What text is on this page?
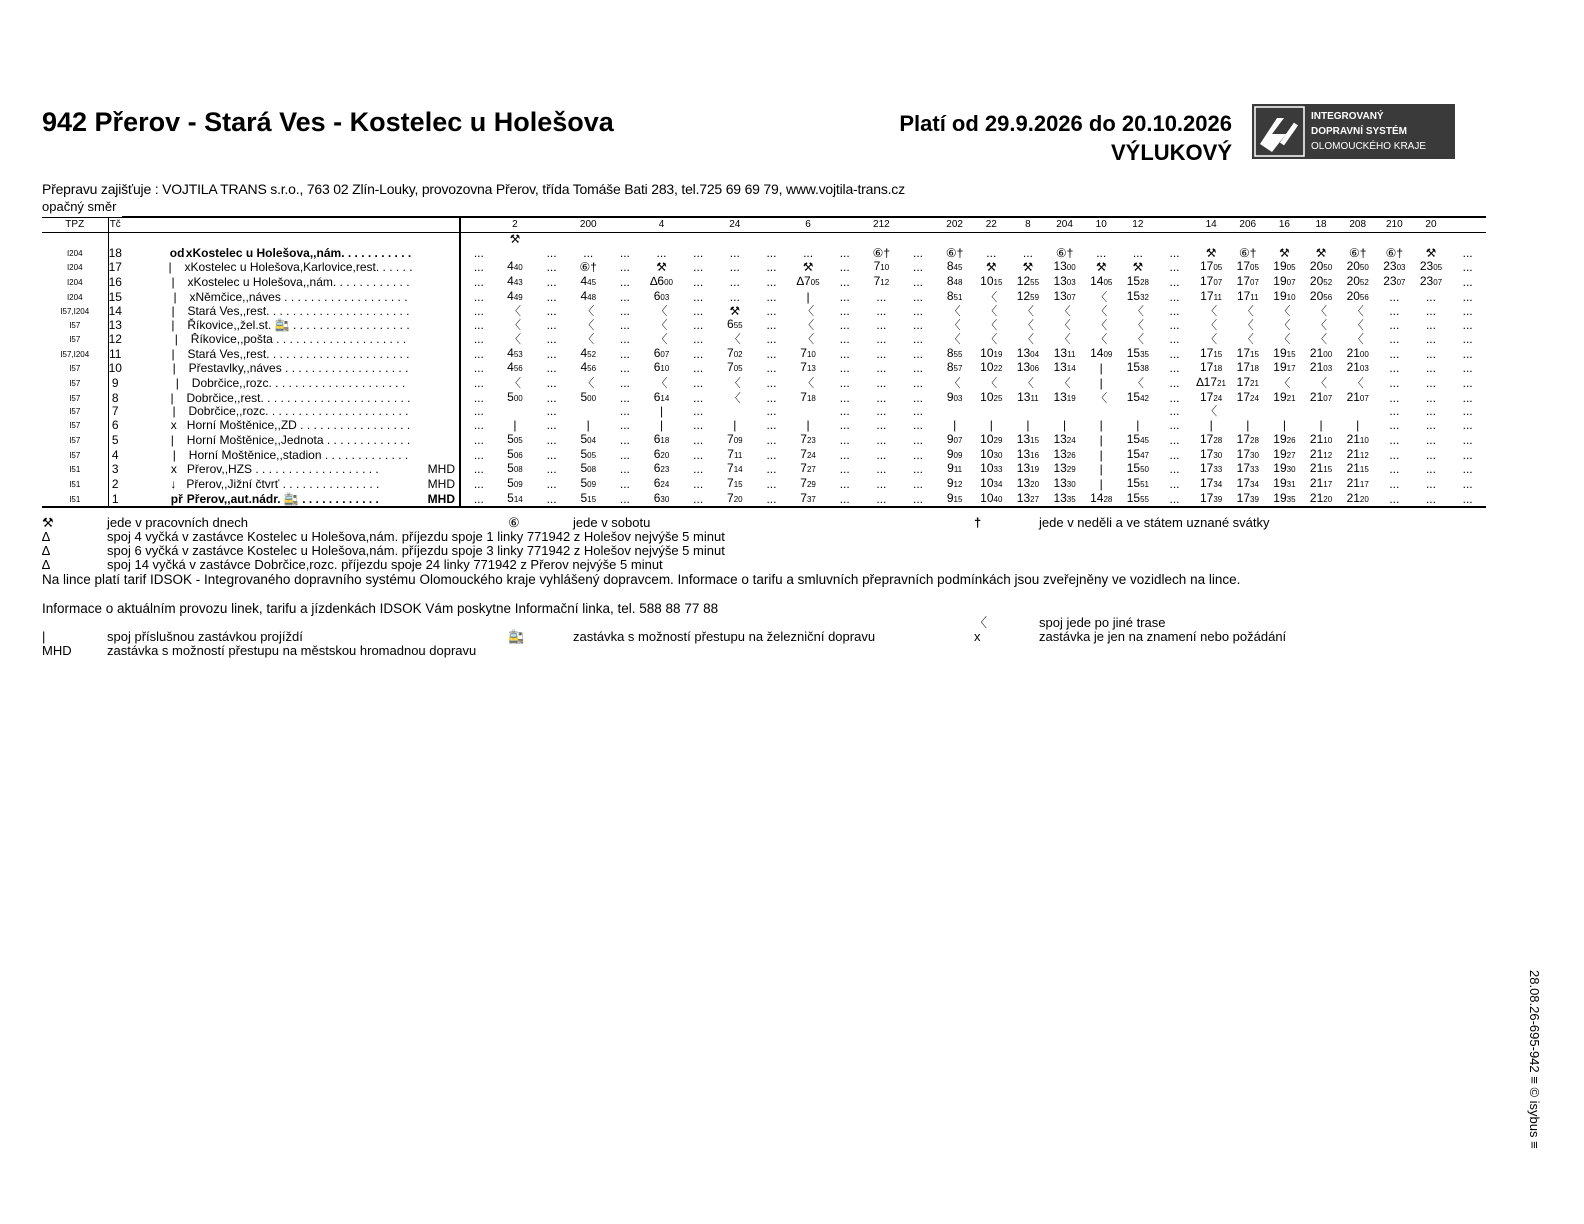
942 Přerov - Stará Ves - Kostelec u Holešova	Platí od 29.9.2026 do 20.10.2026
VÝLUKOVÝ
INTEGROVANÝ
DOPRAVNÍ SYSTÉM
OLOMOUCKÉHO KRAJE
Přepravu zajišťuje : VOJTILA TRANS s.r.o., 763 02 Zlín-Louky, provozovna Přerov, třída Tomáše Bati 283, tel.725 69 69 79, www.vojtila-trans.cz
opačný směr
TPZ	Tč			2		200		4		24		6		212		202	22	8	204	10	12		14	206	16	18	208	210	20	
				⚒																										
I204	18	odxKostelec u Holešova,,nám. . . . . . . . . . .	...		...	...	...	...	...	...	...	...	...	⑥†	...	⑥†	...	...	⑥†	...	...	...	⚒	⑥†	⚒	⚒	⑥†	⑥†	⚒	...
I204	17	| xKostelec u Holešova,Karlovice,rest. . . . . .	...	440	...	⑥†	...	⚒	...	...	...	⚒	...	710	...	845	⚒	⚒	1300	⚒	⚒	...	1705	1705	1905	2050	2050	2303	2305	...
I204	16	| xKostelec u Holešova,,nám. . . . . . . . . . . .	...	443	...	445	...	∆600	...	...	...	∆705	...	712	...	848	1015	1255	1303	1405	1528	...	1707	1707	1907	2052	2052	2307	2307	...
I204	15	| xNěmčice,,náves . . . . . . . . . . . . . . . . . . .	...	449	...	448	...	603	...	...	...	|	...	...	...	851	〈	1259	1307	〈	1532	...	1711	1711	1910	2056	2056	...	...	...
I57,I204	14	| Stará Ves,,rest. . . . . . . . . . . . . . . . . . . . . .	...	〈	...	〈	...	〈	...	⚒	...	〈	...	...	...	〈	〈	〈	〈	〈	〈	...	〈	〈	〈	〈	〈	...	...	...
I57	13	| Říkovice,,žel.st. 🚉 . . . . . . . . . . . . . . . . . .	...	〈	...	〈	...	〈	...	655	...	〈	...	...	...	〈	〈	〈	〈	〈	〈	...	〈	〈	〈	〈	〈	...	...	...
I57	12	| Říkovice,,pošta . . . . . . . . . . . . . . . . . . . .	...	〈	...	〈	...	〈	...	〈	...	〈	...	...	...	〈	〈	〈	〈	〈	〈	...	〈	〈	〈	〈	〈	...	...	...
I57,I204	11	| Stará Ves,,rest. . . . . . . . . . . . . . . . . . . . . .	...	453	...	452	...	607	...	702	...	710	...	...	...	855	1019	1304	1311	1409	1535	...	1715	1715	1915	2100	2100	...	...	...
I57	10	| Přestavlky,,náves . . . . . . . . . . . . . . . . . . .	...	456	...	456	...	610	...	705	...	713	...	...	...	857	1022	1306	1314	|	1538	...	1718	1718	1917	2103	2103	...	...	...
I57	9	| Dobrčice,,rozc. . . . . . . . . . . . . . . . . . . . .	...	〈	...	〈	...	〈	...	〈	...	〈	...	...	...	〈	〈	〈	〈	|	〈	...	∆1721	1721	〈	〈	〈	...	...	...
I57	8	| Dobrčice,,rest. . . . . . . . . . . . . . . . . . . . . . .	...	500	...	500	...	614	...	〈	...	718	...	...	...	903	1025	1311	1319	〈	1542	...	1724	1724	1921	2107	2107	...	...	...
I57	7	| Dobrčice,,rozc. . . . . . . . . . . . . . . . . . . . . .	...		...		...	|	...		...		...	...	...							...	〈					...	...	...
I57	6	x Horní Moštěnice,,ZD . . . . . . . . . . . . . . . . .	...	|	...	|	...	|	...	|	...	|	...	...	...	|	|	|	|	|	|	...	|	|	|	|	|	...	...	...
I57	5	| Horní Moštěnice,,Jednota . . . . . . . . . . . . .	...	505	...	504	...	618	...	709	...	723	...	...	...	907	1029	1315	1324	|	1545	...	1728	1728	1926	2110	2110	...	...	...
I57	4	| Horní Moštěnice,,stadion . . . . . . . . . . . . .	...	506	...	505	...	620	...	711	...	724	...	...	...	909	1030	1316	1326	|	1547	...	1730	1730	1927	2112	2112	...	...	...
I51	3	x Přerov,,HZS . . . . . . . . . . . . . . . . . . . MHD	...	508	...	508	...	623	...	714	...	727	...	...	...	911	1033	1319	1329	|	1550	...	1733	1733	1930	2115	2115	...	...	...
I51	2	↓ Přerov,,Jižní čtvrť . . . . . . . . . . . . . . . MHD	...	509	...	509	...	624	...	715	...	729	...	...	...	912	1034	1320	1330	|	1551	...	1734	1734	1931	2117	2117	...	...	...
I51	1	př Přerov,,aut.nádr. 🚉 . . . . . . . . . . . . MHD	...	514	...	515	...	630	...	720	...	737	...	...	...	915	1040	1327	1335	1428	1555	...	1739	1739	1935	2120	2120	...	...	...
⚒	jede v pracovních dnech	⑥	jede v sobotu	†	jede v neděli a ve státem uznané svátky
∆	spoj 4 vyčká v zastávce Kostelec u Holešova,nám. příjezdu spoje 1 linky 771942 z Holešov nejvýše 5 minut
∆	spoj 6 vyčká v zastávce Kostelec u Holešova,nám. příjezdu spoje 3 linky 771942 z Holešov nejvýše 5 minut
∆	spoj 14 vyčká v zastávce Dobrčice,rozc. příjezdu spoje 24 linky 771942 z Přerov nejvýše 5 minut
Na lince platí tarif IDSOK - Integrovaného dopravního systému Olomouckého kraje vyhlášený dopravcem. Informace o tarifu a smluvních přepravních podmínkách jsou zveřejněny ve vozidlech na lince.
Informace o aktuálním provozu linek, tarifu a jízdenkách IDSOK Vám poskytne Informační linka, tel. 588 88 77 88
〈	spoj jede po jiné trase
|	spoj příslušnou zastávkou projíždí	🚉	zastávka s možností přestupu na železniční dopravu	x	zastávka je jen na znamení nebo požádání
MHD	zastávka s možností přestupu na městskou hromadnou dopravu
28.08.26-695-942 ≡ © isybus ≡
